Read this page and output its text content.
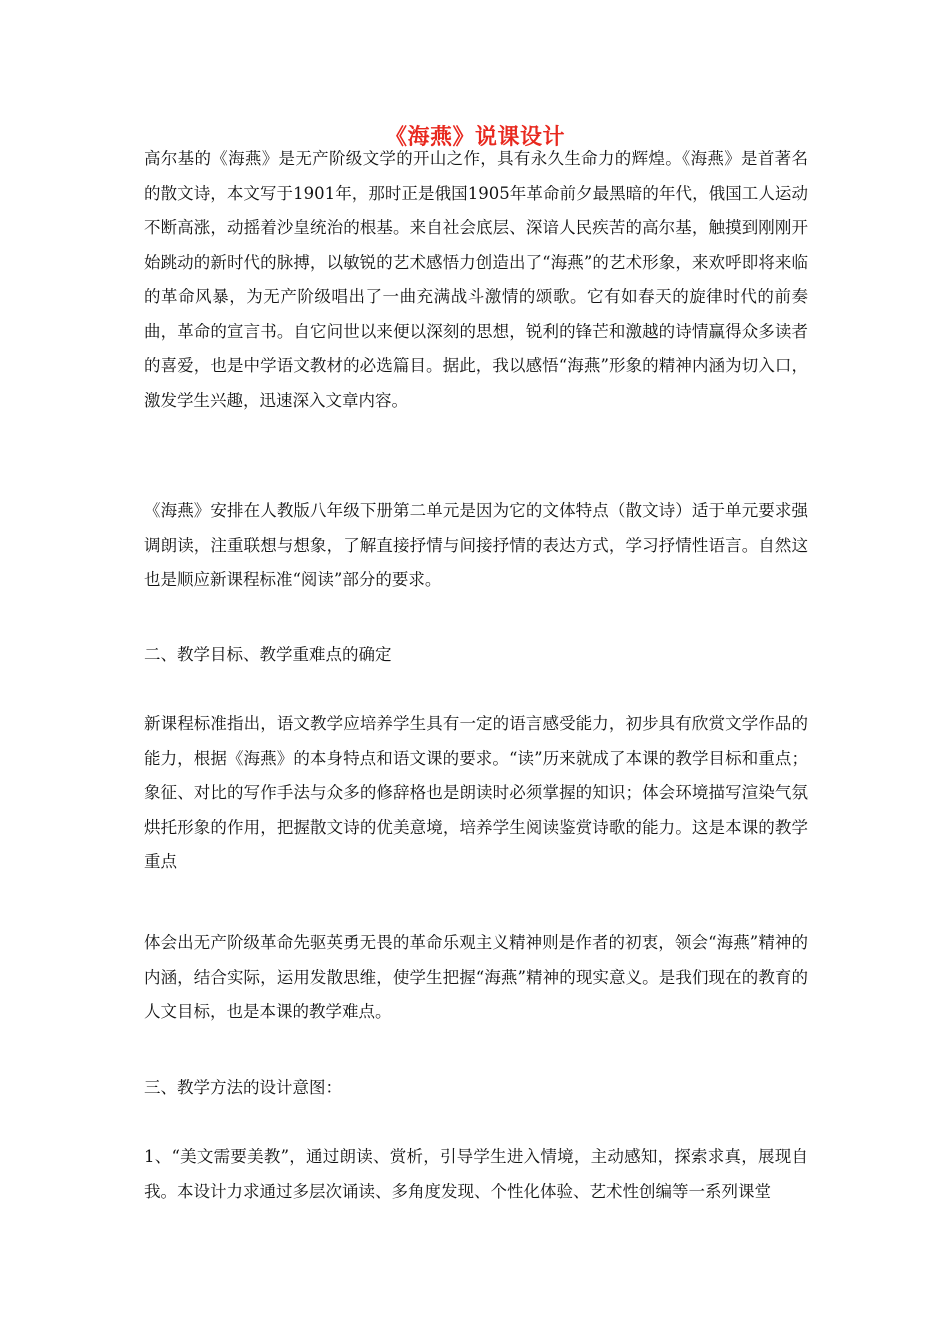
《海燕》说课设计
高尔基的《海燕》是无产阶级文学的开山之作，具有永久生命力的辉煌。《海燕》是首著名的散文诗，本文写于1901年，那时正是俄国1905年革命前夕最黑暗的年代，俄国工人运动不断高涨，动摇着沙皇统治的根基。来自社会底层、深谙人民疾苦的高尔基，触摸到刚刚开始跳动的新时代的脉搏，以敏锐的艺术感悟力创造出了“海燕”的艺术形象，来欢呼即将来临的革命风暴，为无产阶级唱出了一曲充满战斗激情的颂歌。它有如春天的旋律时代的前奏曲，革命的宣言书。自它问世以来便以深刻的思想，锐利的锋芒和激越的诗情赢得众多读者的喜爱，也是中学语文教材的必选篇目。据此，我以感悟“海燕”形象的精神内涵为切入口，激发学生兴趣，迅速深入文章内容。
《海燕》安排在人教版八年级下册第二单元是因为它的文体特点（散文诗）适于单元要求强调朗读，注重联想与想象，了解直接抒情与间接抒情的表达方式，学习抒情性语言。自然这也是顺应新课程标准“阅读”部分的要求。
二、教学目标、教学重难点的确定
新课程标准指出，语文教学应培养学生具有一定的语言感受能力，初步具有欣赏文学作品的能力，根据《海燕》的本身特点和语文课的要求。“读”历来就成了本课的教学目标和重点；象征、对比的写作手法与众多的修辞格也是朗读时必须掌握的知识；体会环境描写渲染气氛烘托形象的作用，把握散文诗的优美意境，培养学生阅读鉴赏诗歌的能力。这是本课的教学重点
体会出无产阶级革命先驱英勇无畏的革命乐观主义精神则是作者的初衷，领会“海燕”精神的内涵，结合实际，运用发散思维，使学生把握“海燕”精神的现实意义。是我们现在的教育的人文目标，也是本课的教学难点。
三、教学方法的设计意图：
1、“美文需要美教”，通过朗读、赏析，引导学生进入情境，主动感知，探索求真，展现自我。本设计力求通过多层次诵读、多角度发现、个性化体验、艺术性创编等一系列课堂
